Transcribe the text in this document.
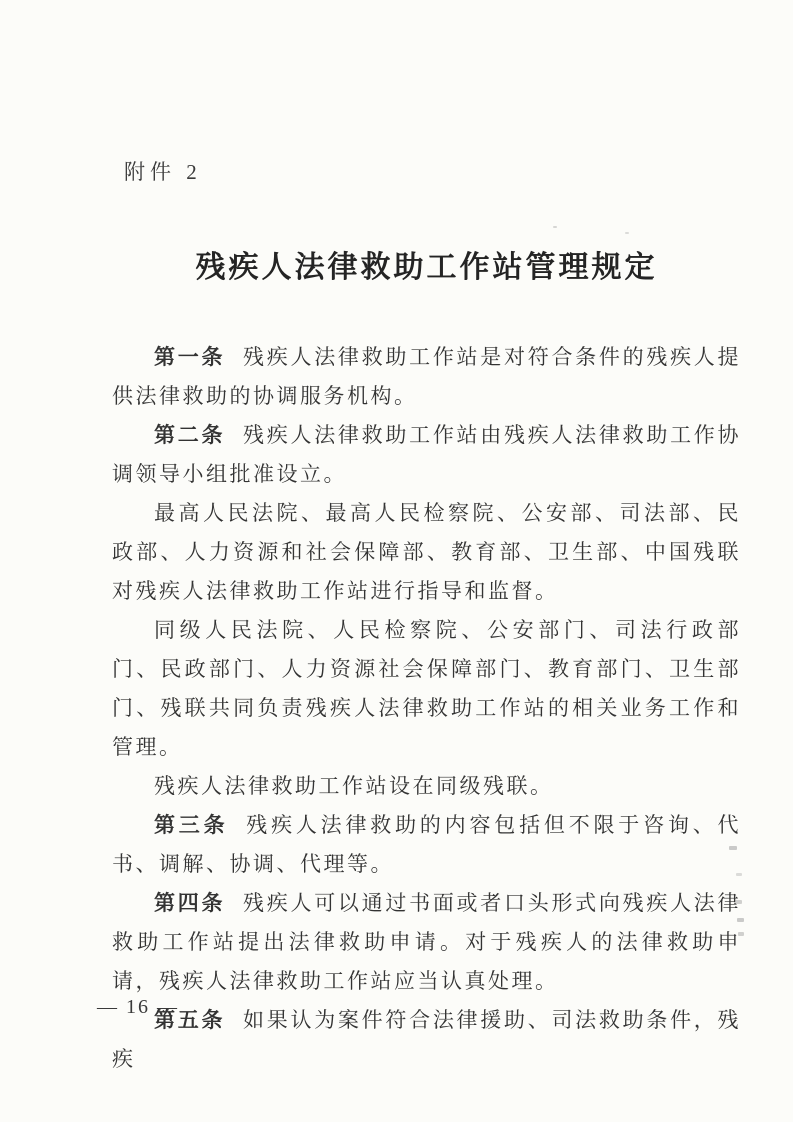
附件 2
残疾人法律救助工作站管理规定

第一条 残疾人法律救助工作站是对符合条件的残疾人提供法律救助的协调服务机构。

第二条 残疾人法律救助工作站由残疾人法律救助工作协调领导小组批准设立。

最高人民法院、最高人民检察院、公安部、司法部、民政部、人力资源和社会保障部、教育部、卫生部、中国残联对残疾人法律救助工作站进行指导和监督。

同级人民法院、人民检察院、公安部门、司法行政部门、民政部门、人力资源社会保障部门、教育部门、卫生部门、残联共同负责残疾人法律救助工作站的相关业务工作和管理。

残疾人法律救助工作站设在同级残联。

第三条 残疾人法律救助的内容包括但不限于咨询、代书、调解、协调、代理等。

第四条 残疾人可以通过书面或者口头形式向残疾人法律救助工作站提出法律救助申请。对于残疾人的法律救助申请，残疾人法律救助工作站应当认真处理。

第五条 如果认为案件符合法律援助、司法救助条件，残疾

— 16 —
